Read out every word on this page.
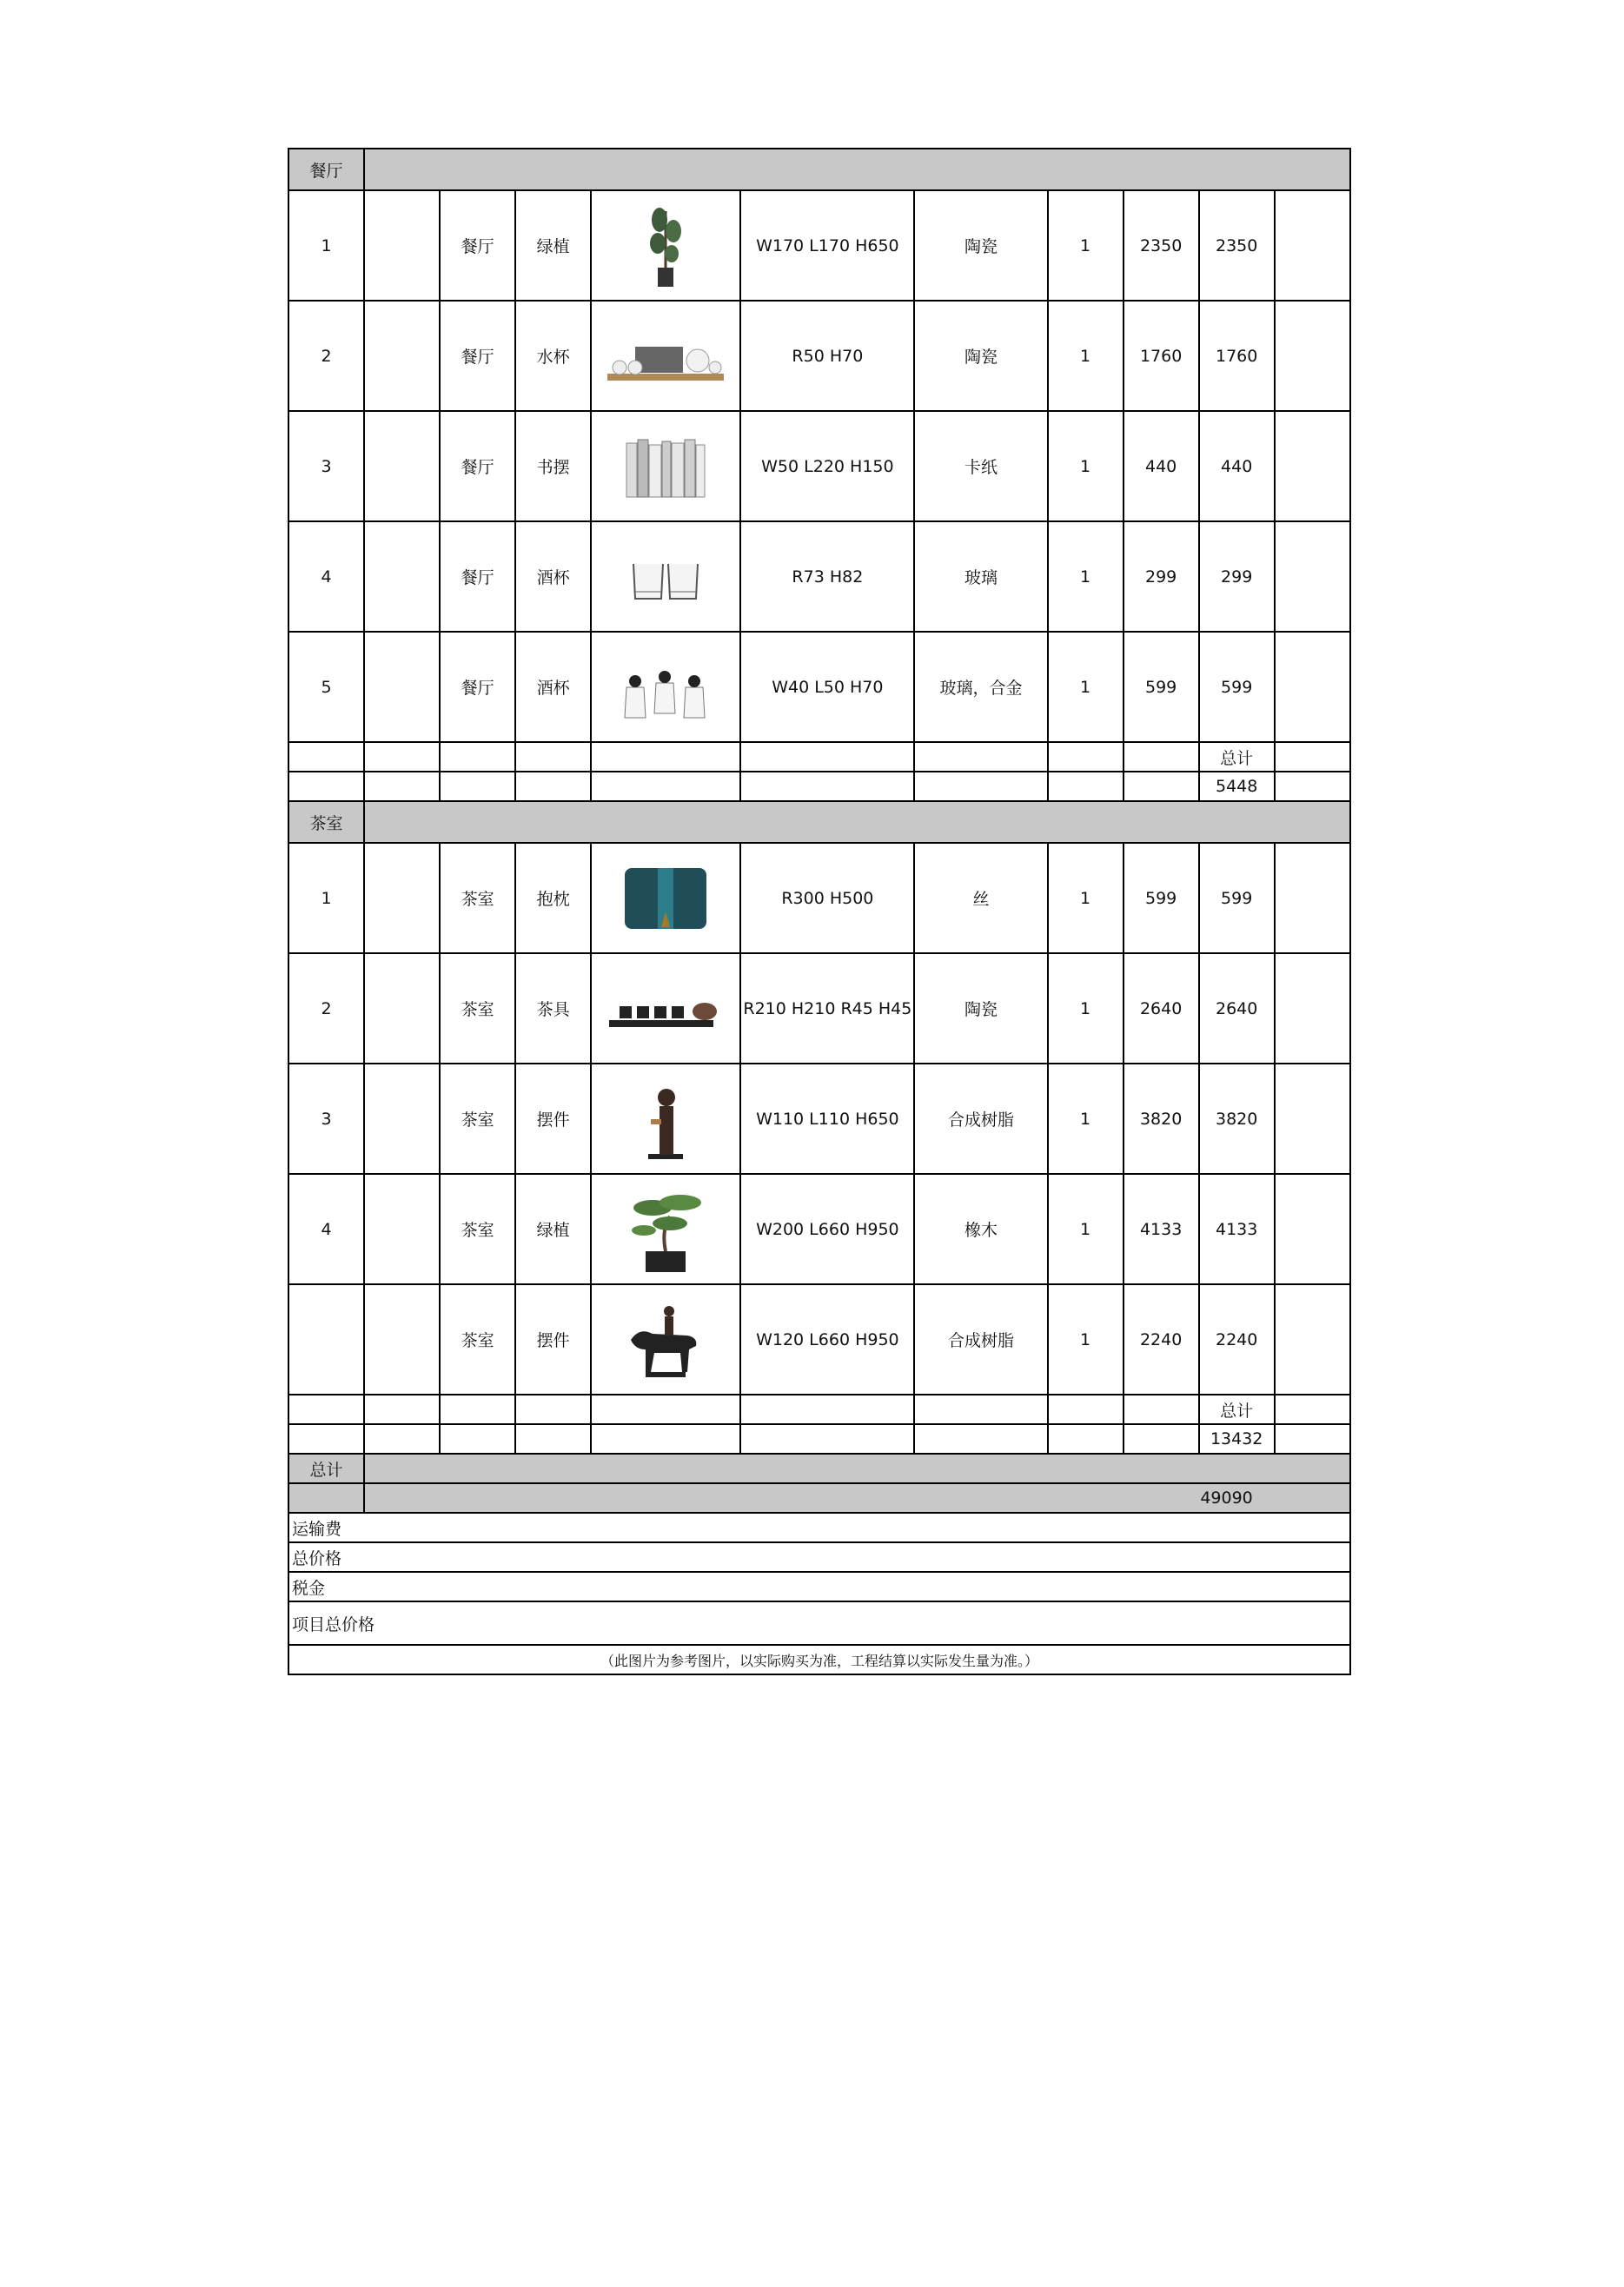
餐厅										
1		餐厅	绿植		W170 L170 H650	陶瓷	1	2350	2350	
2		餐厅	水杯		R50 H70	陶瓷	1	1760	1760	
3		餐厅	书摆		W50 L220 H150	卡纸	1	440	440	
4		餐厅	酒杯		R73 H82	玻璃	1	299	299	
5		餐厅	酒杯		W40 L50 H70	玻璃，合金	1	599	599	
									总计	
									5448	
茶室										
1		茶室	抱枕		R300 H500	丝	1	599	599	
2		茶室	茶具		R210 H210 R45 H45	陶瓷	1	2640	2640	
3		茶室	摆件		W110 L110 H650	合成树脂	1	3820	3820	
4		茶室	绿植		W200 L660 H950	橡木	1	4133	4133	
		茶室	摆件		W120 L660 H950	合成树脂	1	2240	2240	
									总计	
									13432	
总计										
	49090									
运输费										
总价格										
税金										
项目总价格										
（此图片为参考图片，以实际购买为准，工程结算以实际发生量为准。）										
